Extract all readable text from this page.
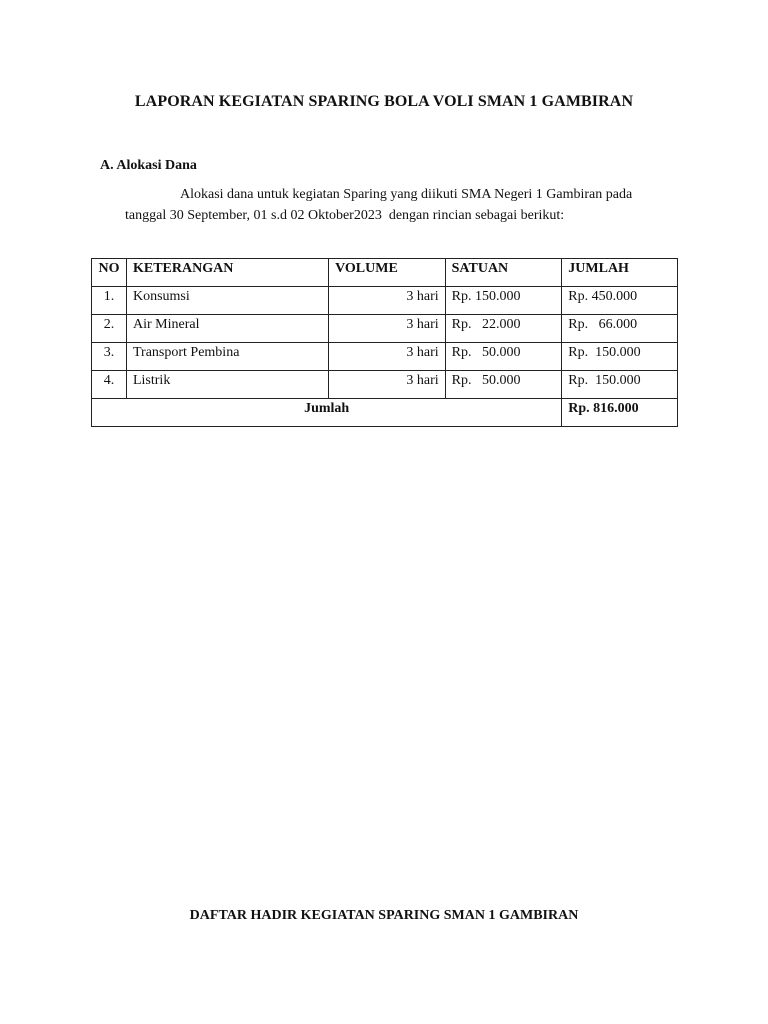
LAPORAN KEGIATAN SPARING BOLA VOLI SMAN 1 GAMBIRAN
A. Alokasi Dana
Alokasi dana untuk kegiatan Sparing yang diikuti SMA Negeri 1 Gambiran pada
tanggal 30 September, 01 s.d 02 Oktober2023  dengan rincian sebagai berikut:
NO	KETERANGAN	VOLUME	SATUAN	JUMLAH
1.	Konsumsi	3 hari	Rp. 150.000	Rp. 450.000
2.	Air Mineral	3 hari	Rp.   22.000	Rp.   66.000
3.	Transport Pembina	3 hari	Rp.   50.000	Rp.  150.000
4.	Listrik	3 hari	Rp.   50.000	Rp.  150.000
Jumlah				Rp. 816.000
DAFTAR HADIR KEGIATAN SPARING SMAN 1 GAMBIRAN
